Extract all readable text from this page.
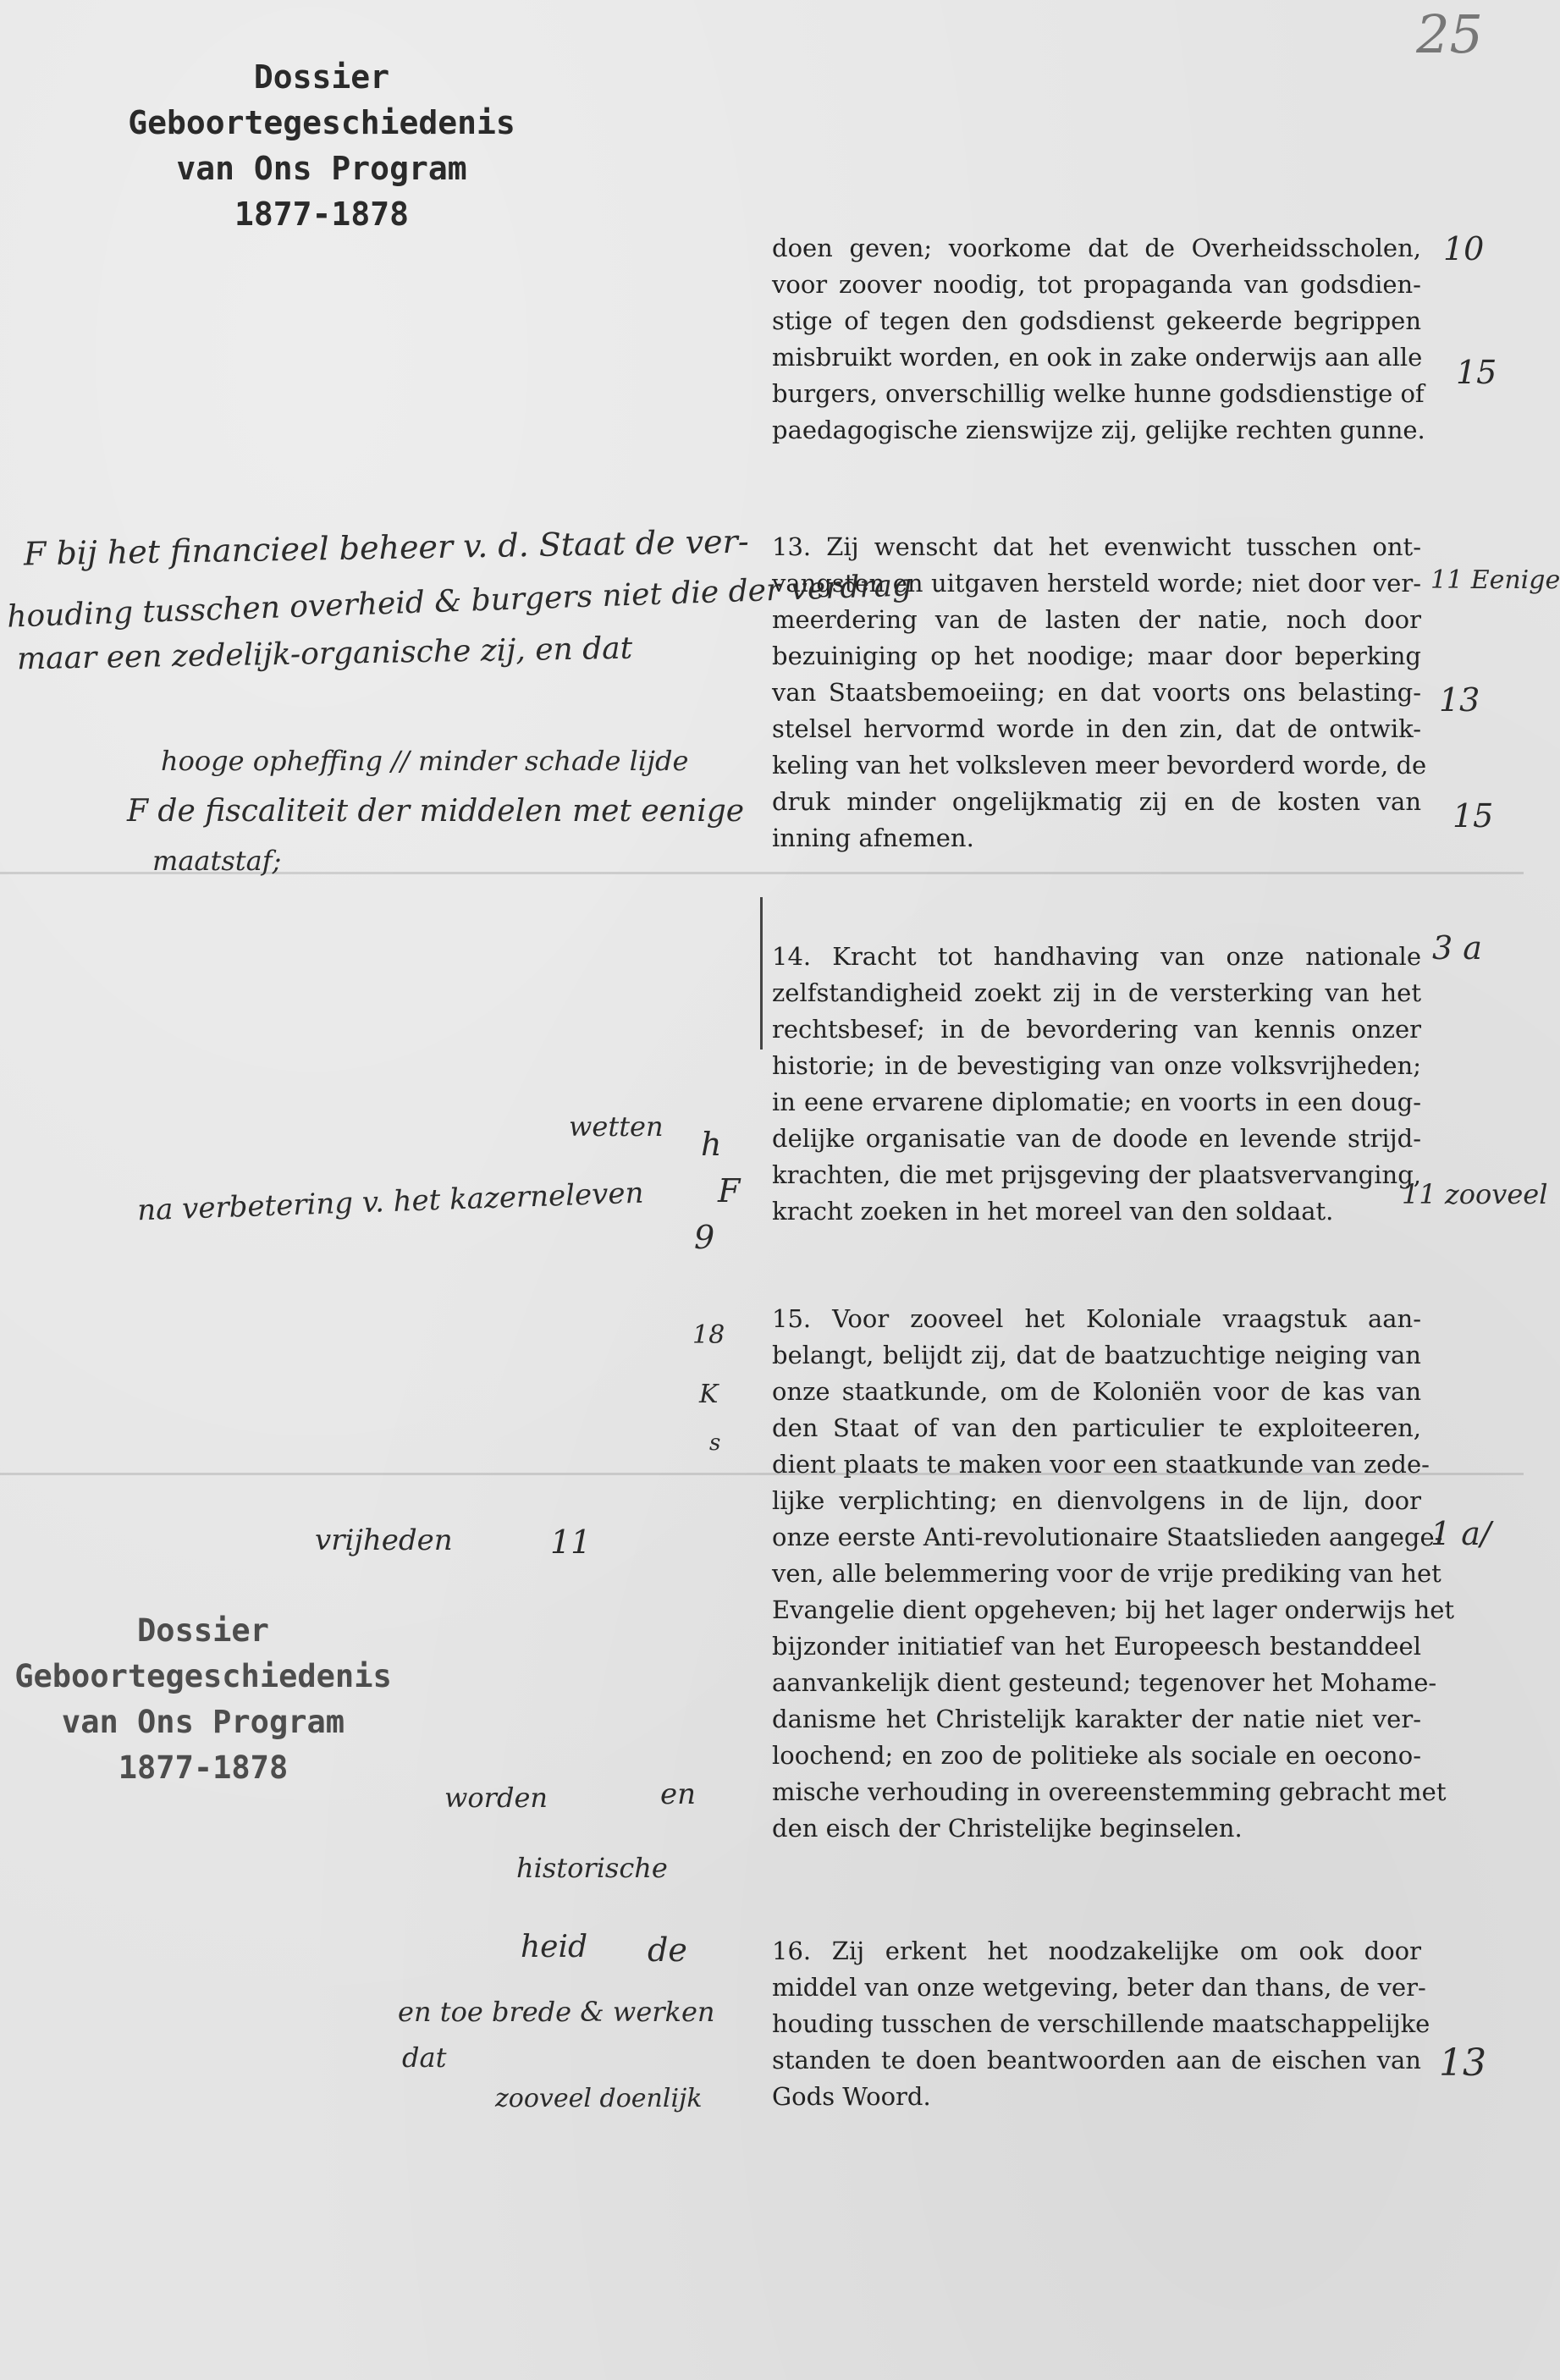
25
Dossier
Geboortegeschiedenis
van Ons Program
1877-1878
Dossier
Geboortegeschiedenis
van Ons Program
1877-1878
doen geven; voorkome dat de Overheidsscholen,
voor zoover noodig, tot propaganda van godsdien-
stige of tegen den godsdienst gekeerde begrippen
misbruikt worden, en ook in zake onderwijs aan alle
burgers, onverschillig welke hunne godsdienstige of
paedagogische zienswijze zij, gelijke rechten gunne.
13. Zij wenscht dat het evenwicht tusschen ont-
vangsten en uitgaven hersteld worde; niet door ver-
meerdering van de lasten der natie, noch door
bezuiniging op het noodige; maar door beperking
van Staatsbemoeiing; en dat voorts ons belasting-
stelsel hervormd worde in den zin, dat de ontwik-
keling van het volksleven meer bevorderd worde, de
druk minder ongelijkmatig zij en de kosten van
inning afnemen.
14. Kracht tot handhaving van onze nationale
zelfstandigheid zoekt zij in de versterking van het
rechtsbesef; in de bevordering van kennis onzer
historie; in de bevestiging van onze volksvrijheden;
in eene ervarene diplomatie; en voorts in een doug-
delijke organisatie van de doode en levende strijd-
krachten, die met prijsgeving der plaatsvervanging,
kracht zoeken in het moreel van den soldaat.
15. Voor zooveel het Koloniale vraagstuk aan-
belangt, belijdt zij, dat de baatzuchtige neiging van
onze staatkunde, om de Koloniën voor de kas van
den Staat of van den particulier te exploiteeren,
dient plaats te maken voor een staatkunde van zede-
lijke verplichting; en dienvolgens in de lijn, door
onze eerste Anti-revolutionaire Staatslieden aangege-
ven, alle belemmering voor de vrije prediking van het
Evangelie dient opgeheven; bij het lager onderwijs het
bijzonder initiatief van het Europeesch bestanddeel
aanvankelijk dient gesteund; tegenover het Mohame-
danisme het Christelijk karakter der natie niet ver-
loochend; en zoo de politieke als sociale en oecono-
mische verhouding in overeenstemming gebracht met
den eisch der Christelijke beginselen.
16. Zij erkent het noodzakelijke om ook door
middel van onze wetgeving, beter dan thans, de ver-
houding tusschen de verschillende maatschappelijke
standen te doen beantwoorden aan de eischen van
Gods Woord.
F bij het financieel beheer v. d. Staat de ver-
houding tusschen overheid & burgers niet die der verdrag
maar een zedelijk-organische zij, en dat
hooge opheffing // minder schade lijde
F de fiscaliteit der middelen met eenige
maatstaf;
wetten
na verbetering v. het kazerneleven
vrijheden
worden	en
historische
heid de
en toe brede & werken
dat
zooveel doenlijk
h
F
9
18
K
s
11
10
15
11 Eenige
13
15
3 a
11 zooveel
1 a/
13
